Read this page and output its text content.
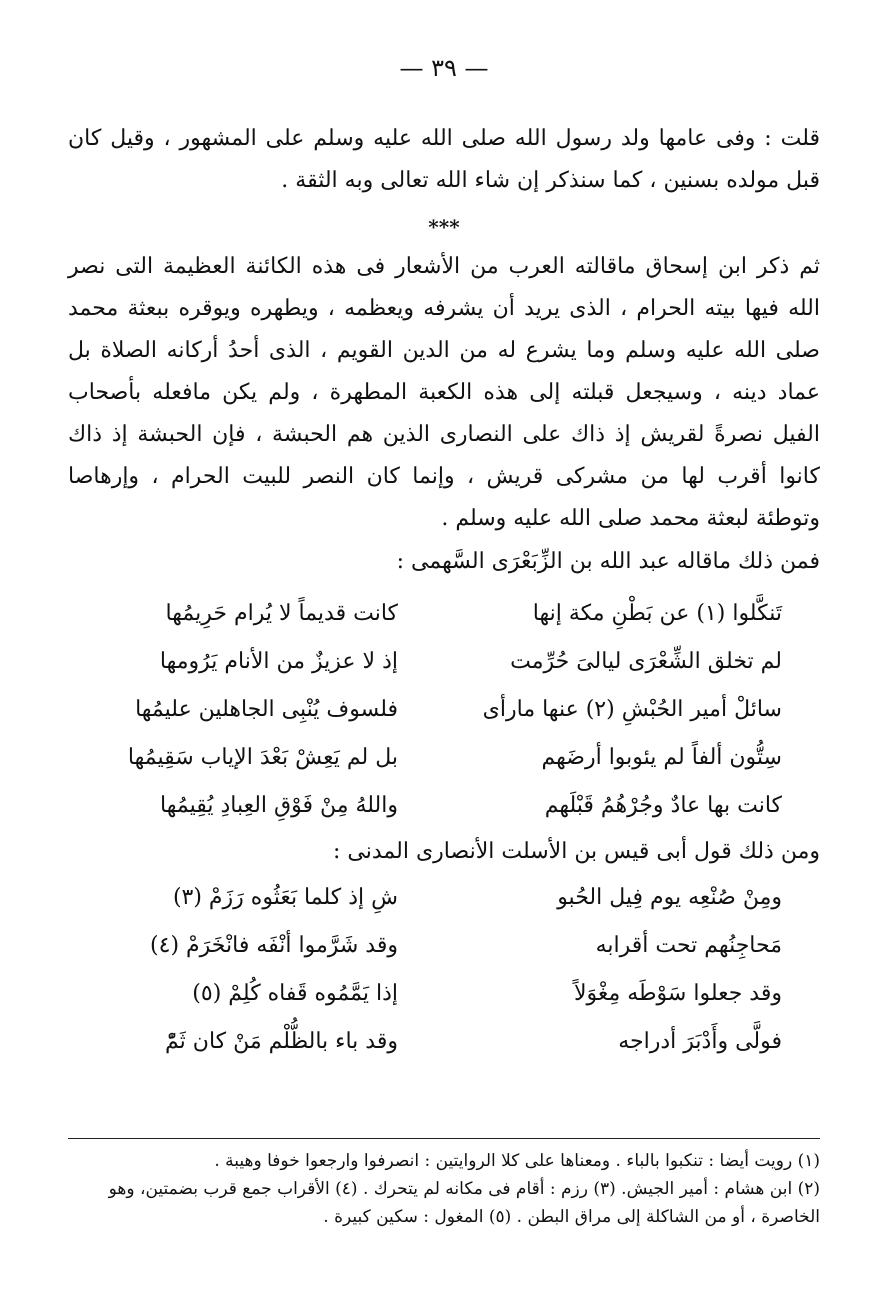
— ٣٩ —

قلت : وفى عامها ولد رسول الله صلى الله عليه وسلم على المشهور ، وقيل كان قبل مولده بسنين ، كما سنذكر إن شاء الله تعالى وبه الثقة .

***

ثم ذكر ابن إسحاق ماقالته العرب من الأشعار فى هذه الكائنة العظيمة التى نصر الله فيها بيته الحرام ، الذى يريد أن يشرفه ويعظمه ، ويطهره ويوقره ببعثة محمد صلى الله عليه وسلم وما يشرع له من الدين القويم ، الذى أحدُ أركانه الصلاة بل عماد دينه ، وسيجعل قبلته إلى هذه الكعبة المطهرة ، ولم يكن مافعله بأصحاب الفيل نصرةً لقريش إذ ذاك على النصارى الذين هم الحبشة ، فإن الحبشة إذ ذاك كانوا أقرب لها من مشركى قريش ، وإنما كان النصر للبيت الحرام ، وإرهاصا وتوطئة لبعثة محمد صلى الله عليه وسلم .

فمن ذلك ماقاله عبد الله بن الزِّبَعْرَى السَّهمى :

تَنكَّلوا (١) عن بَطْنِ مكة إنها
كانت قديماً لا يُرام حَرِيمُها
لم تخلق الشِّعْرَى ليالىَ حُرِّمت
إذ لا عزيزٌ من الأنام يَرُومها
سائلْ أمير الحُبْشِ (٢) عنها مارأى
فلسوف يُنْبِى الجاهلين عليمُها
سِتُّون ألفاً لم يئوبوا أرضَهم
بل لم يَعِشْ بَعْدَ الإياب سَقِيمُها
كانت بها عادٌ وجُرْهُمُ قَبْلَهم
واللهُ مِنْ فَوْقِ العِبادِ يُقِيمُها

ومن ذلك قول أبى قيس بن الأسلت الأنصارى المدنى :

ومِنْ صُنْعِه يوم فِيل الحُبو
شِ إذ كلما بَعَثُوه رَزَمْ (٣)
مَحاجِنُهم تحت أقرابه
وقد شَرَّموا أنْفَه فانْخَرَمْ (٤)
وقد جعلوا سَوْطَه مِغْوَلاً
إذا يَمَّمُوه قَفاه كُلِمْ (٥)
فولَّى وأَدْبَرَ أدراجه
وقد باء بالظُّلْم مَنْ كان ثَمّْ

(١) رويت أيضا : تنكبوا بالباء . ومعناها على كلا الروايتين : انصرفوا وارجعوا خوفا وهيبة .

(٢) ابن هشام : أمير الجيش. (٣) رزم : أقام فى مكانه لم يتحرك . (٤) الأقراب جمع قرب بضمتين، وهو الخاصرة ، أو من الشاكلة إلى مراق البطن . (٥) المغول : سكين كبيرة .
